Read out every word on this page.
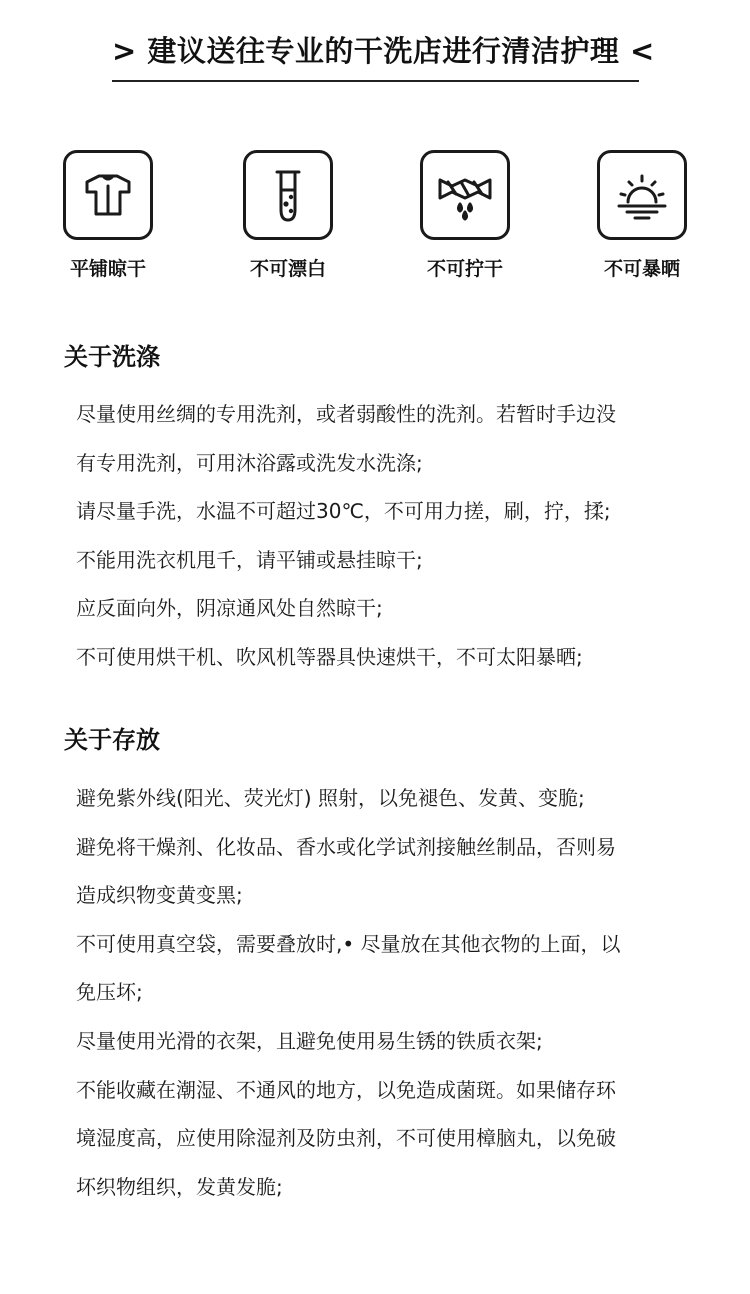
> 建议送往专业的干洗店进行清洁护理 <
平铺晾干	不可漂白	不可拧干	不可暴晒
关于洗涤
尽量使用丝绸的专用洗剂，或者弱酸性的洗剂。若暂时手边没
有专用洗剂，可用沐浴露或洗发水洗涤;
请尽量手洗，水温不可超过30℃，不可用力搓，刷，拧，揉;
不能用洗衣机甩千，请平铺或悬挂晾干;
应反面向外，阴凉通风处自然晾干;
不可使用烘干机、吹风机等器具快速烘干，不可太阳暴晒;
关于存放
避免紫外线(阳光、荧光灯) 照射，以免褪色、发黄、变脆;
避免将干燥剂、化妆品、香水或化学试剂接触丝制品，否则易
造成织物变黄变黑;
不可使用真空袋，需要叠放时,• 尽量放在其他衣物的上面，以
免压坏;
尽量使用光滑的衣架，且避免使用易生锈的铁质衣架;
不能收藏在潮湿、不通风的地方，以免造成菌斑。如果储存环
境湿度高，应使用除湿剂及防虫剂，不可使用樟脑丸，以免破
坏织物组织，发黄发脆;
